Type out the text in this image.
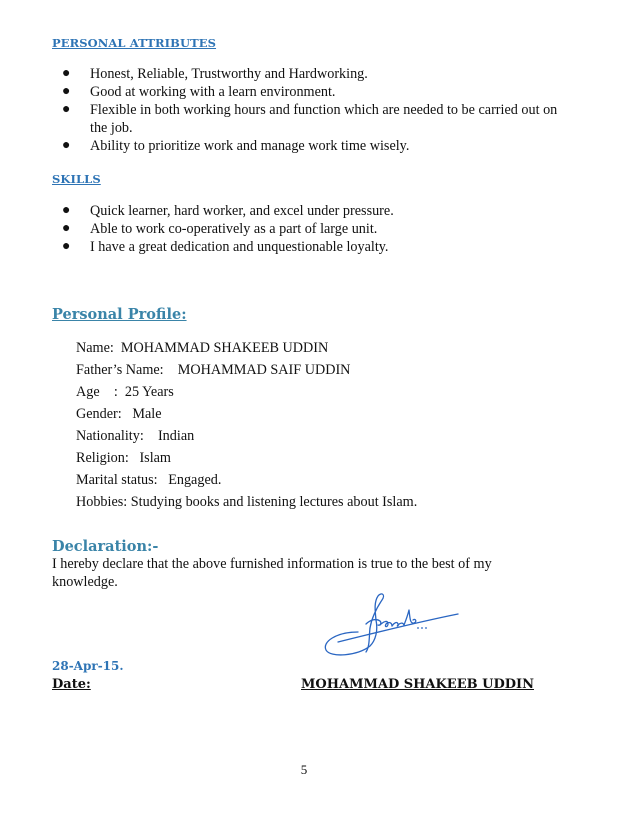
PERSONAL ATTRIBUTES
● Honest, Reliable, Trustworthy and Hardworking.
● Good at working with a learn environment.
● Flexible in both working hours and function which are needed to be carried out on the job.
● Ability to prioritize work and manage work time wisely.
SKILLS
● Quick learner, hard worker, and excel under pressure.
● Able to work co-operatively as a part of large unit.
● I have a great dedication and unquestionable loyalty.
Personal Profile:
Name:  MOHAMMAD SHAKEEB UDDIN
Father’s Name:    MOHAMMAD SAIF UDDIN
Age    :  25 Years
Gender:   Male
Nationality:    Indian
Religion:   Islam
Marital status:   Engaged.
Hobbies: Studying books and listening lectures about Islam.
Declaration:-
I hereby declare that the above furnished information is true to the best of my knowledge.
28-Apr-15.
Date:	MOHAMMAD SHAKEEB UDDIN
5
